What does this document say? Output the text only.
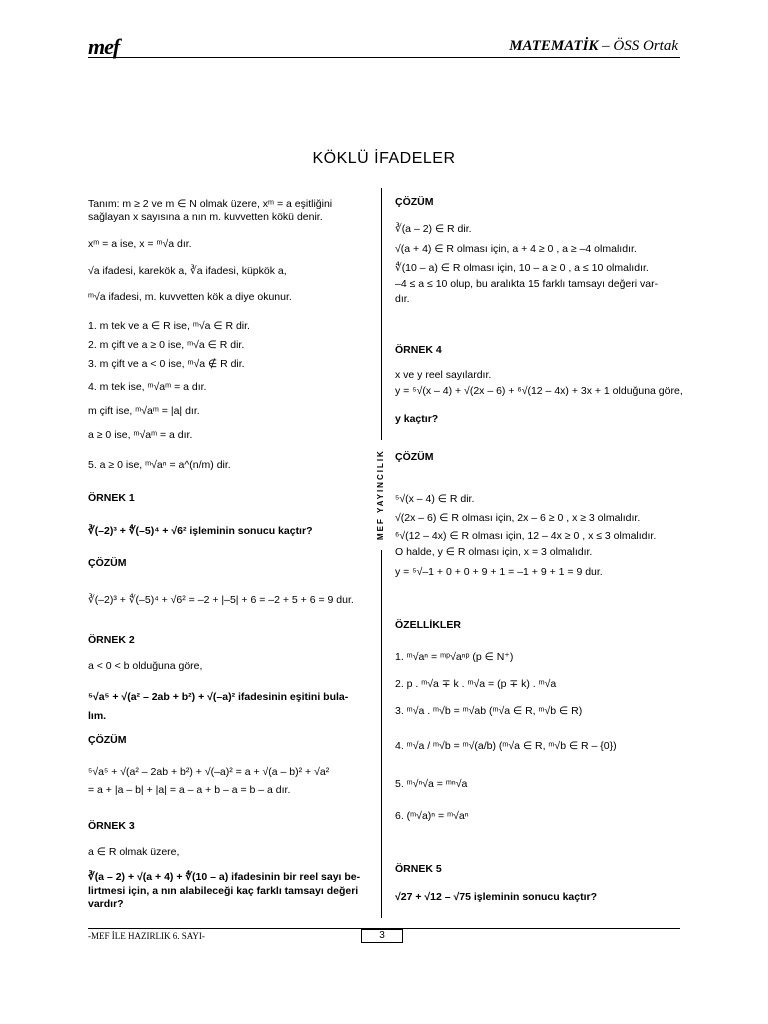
mef	MATEMATİK – ÖSS Ortak
KÖKLÜ İFADELER
MEF YAYINCILIK
Tanım: m ≥ 2 ve m ∈ N olmak üzere, xᵐ = a eşitliğini
sağlayan x sayısına a nın m. kuvvetten kökü denir.
xᵐ = a ise, x = ᵐ√a dır.
√a ifadesi, karekök a, ∛a ifadesi, küpkök a,
ᵐ√a ifadesi, m. kuvvetten kök a diye okunur.
1. m tek ve a ∈ R ise, ᵐ√a ∈ R dir.
2. m çift ve a ≥ 0 ise, ᵐ√a ∈ R dir.
3. m çift ve a < 0 ise, ᵐ√a ∉ R dir.
4. m tek ise, ᵐ√aᵐ = a dır.
m çift ise, ᵐ√aᵐ = |a| dır.
a ≥ 0 ise, ᵐ√aᵐ = a dır.
5. a ≥ 0 ise, ᵐ√aⁿ = a^(n/m) dir.
ÖRNEK 1
∛(–2)³ + ∜(–5)⁴ + √6² işleminin sonucu kaçtır?
ÇÖZÜM
∛(–2)³ + ∜(–5)⁴ + √6² = –2 + |–5| + 6 = –2 + 5 + 6 = 9 dur.
ÖRNEK 2
a < 0 < b olduğuna göre,
⁵√a⁵ + √(a² – 2ab + b²) + √(–a)² ifadesinin eşitini bula-
lım.
ÇÖZÜM
⁵√a⁵ + √(a² – 2ab + b²) + √(–a)² = a + √(a – b)² + √a²
= a + |a – b| + |a| = a – a + b – a = b – a dır.
ÖRNEK 3
a ∈ R olmak üzere,
∛(a – 2) + √(a + 4) + ∜(10 – a) ifadesinin bir reel sayı be-
lirtmesi için, a nın alabileceği kaç farklı tamsayı değeri
vardır?
ÇÖZÜM
∛(a – 2) ∈ R dir.
√(a + 4) ∈ R olması için, a + 4 ≥ 0 , a ≥ –4 olmalıdır.
∜(10 – a) ∈ R olması için, 10 – a ≥ 0 , a ≤ 10 olmalıdır.
–4 ≤ a ≤ 10 olup, bu aralıkta 15 farklı tamsayı değeri var-
dır.
ÖRNEK 4
x ve y reel sayılardır.
y = ⁵√(x – 4) + √(2x – 6) + ⁶√(12 – 4x) + 3x + 1 olduğuna göre,
y kaçtır?
ÇÖZÜM
⁵√(x – 4) ∈ R dir.
√(2x – 6) ∈ R olması için, 2x – 6 ≥ 0 , x ≥ 3 olmalıdır.
⁶√(12 – 4x) ∈ R olması için, 12 – 4x ≥ 0 , x ≤ 3 olmalıdır.
O halde, y ∈ R olması için, x = 3 olmalıdır.
y = ⁵√–1 + 0 + 0 + 9 + 1 = –1 + 9 + 1 = 9 dur.
ÖZELLİKLER
1. ᵐ√aⁿ = ᵐᵖ√aⁿᵖ (p ∈ N⁺)
2. p . ᵐ√a ∓ k . ᵐ√a = (p ∓ k) . ᵐ√a
3. ᵐ√a . ᵐ√b = ᵐ√ab (ᵐ√a ∈ R, ᵐ√b ∈ R)
4. ᵐ√a / ᵐ√b = ᵐ√(a/b) (ᵐ√a ∈ R, ᵐ√b ∈ R – {0})
5. ᵐ√ⁿ√a = ᵐⁿ√a
6. (ᵐ√a)ⁿ = ᵐ√aⁿ
ÖRNEK 5
√27 + √12 – √75 işleminin sonucu kaçtır?
-MEF İLE HAZIRLIK 6. SAYI-	3
